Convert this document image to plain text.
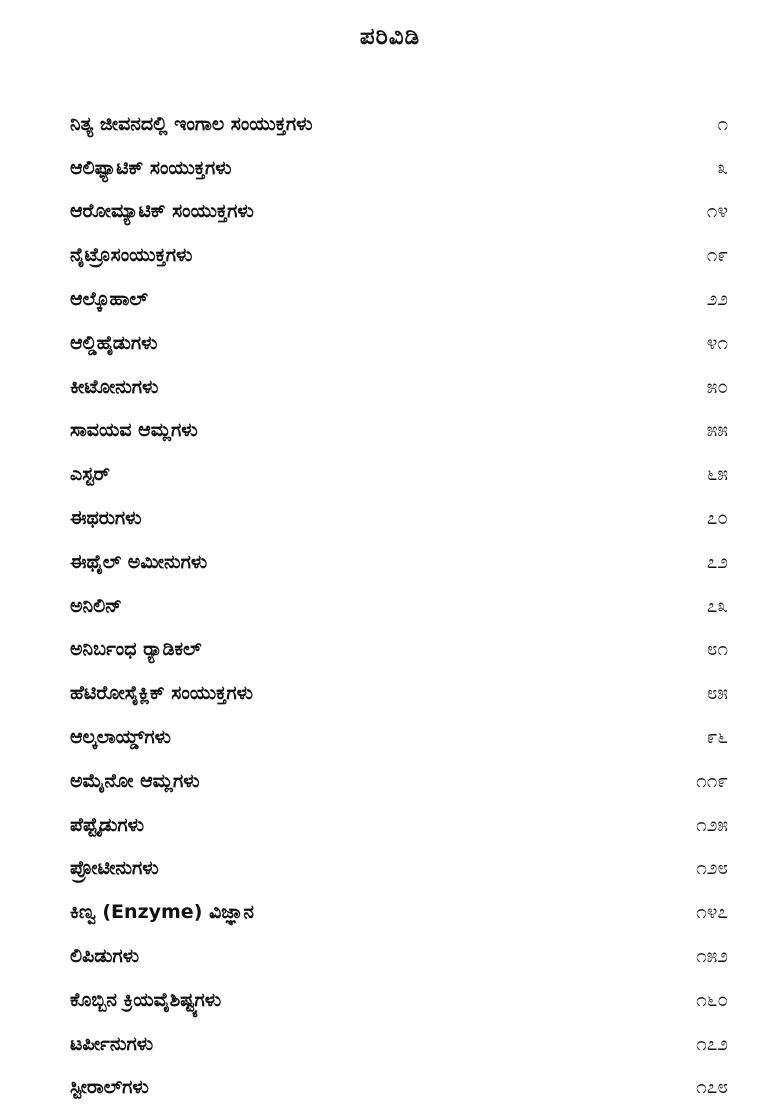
ಪರಿವಿಡಿ
ನಿತ್ಯ ಜೀವನದಲ್ಲಿ ಇಂಗಾಲ ಸಂಯುಕ್ತಗಳು	೧
ಆಲಿಫ್ಯಾಟಿಕ್ ಸಂಯುಕ್ತಗಳು	೩
ಆರೋಮ್ಯಾಟಿಕ್ ಸಂಯುಕ್ತಗಳು	೧೪
ನೈಟ್ರೊಸಂಯುಕ್ತಗಳು	೧೯
ಆಲ್ಕೊಹಾಲ್	೨೨
ಆಲ್ಡಿಹೈಡುಗಳು	೪೧
ಕೀಟೋನುಗಳು	೫೦
ಸಾವಯವ ಆಮ್ಲಗಳು	೫೫
ಎಸ್ಟರ್	೬೫
ಈಥರುಗಳು	೭೦
ಈಥೈಲ್ ಅಮೀನುಗಳು	೭೨
ಅನಿಲಿನ್	೭೩
ಅನಿರ್ಬಂಧ ರ್‍ಯಾಡಿಕಲ್	೮೧
ಹೆಟಿರೋಸೈಕ್ಲಿಕ್ ಸಂಯುಕ್ತಗಳು	೮೫
ಆಲ್ಕಲಾಯ್ಡ್‌ಗಳು	೯೬
ಅಮೈನೋ ಆಮ್ಲಗಳು	೧೧೯
ಪೆಪ್ಟೈಡುಗಳು	೧೨೫
ಪ್ರೋಟೀನುಗಳು	೧೨೮
ಕಿಣ್ವ (Enzyme) ವಿಜ್ಞಾನ	೧೪೭
ಲಿಪಿಡುಗಳು	೧೫೨
ಕೊಬ್ಬಿನ ಕ್ರಿಯವೈಶಿಷ್ಟ್ಯಗಳು	೧೬೦
ಟರ್ಪೀನುಗಳು	೧೭೨
ಸ್ಟೀರಾಲ್‌ಗಳು	೧೭೮
